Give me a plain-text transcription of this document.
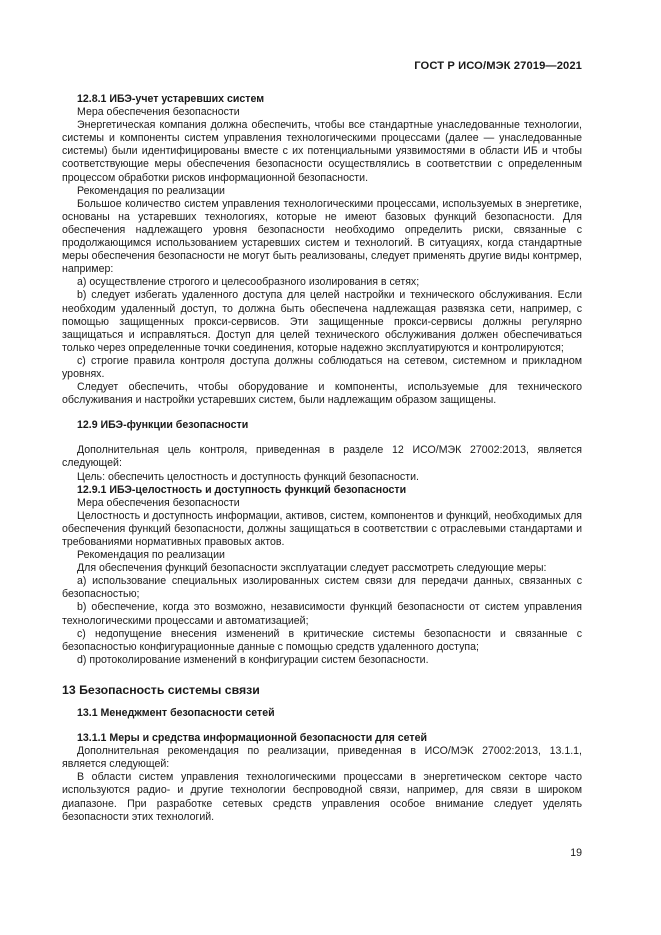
ГОСТ Р ИСО/МЭК 27019—2021

12.8.1 ИБЭ-учет устаревших систем

Мера обеспечения безопасности

Энергетическая компания должна обеспечить, чтобы все стандартные унаследованные технологии, системы и компоненты систем управления технологическими процессами (далее — унаследованные системы) были идентифицированы вместе с их потенциальными уязвимостями в области ИБ и чтобы соответствующие меры обеспечения безопасности осуществлялись в соответствии с определенным процессом обработки рисков информационной безопасности.

Рекомендация по реализации

Большое количество систем управления технологическими процессами, используемых в энергетике, основаны на устаревших технологиях, которые не имеют базовых функций безопасности. Для обеспечения надлежащего уровня безопасности необходимо определить риски, связанные с продолжающимся использованием устаревших систем и технологий. В ситуациях, когда стандартные меры обеспечения безопасности не могут быть реализованы, следует применять другие виды контрмер, например:

a) осуществление строгого и целесообразного изолирования в сетях;

b) следует избегать удаленного доступа для целей настройки и технического обслуживания. Если необходим удаленный доступ, то должна быть обеспечена надлежащая развязка сети, например, с помощью защищенных прокси-сервисов. Эти защищенные прокси-сервисы должны регулярно защищаться и исправляться. Доступ для целей технического обслуживания должен обеспечиваться только через определенные точки соединения, которые надежно эксплуатируются и контролируются;

c) строгие правила контроля доступа должны соблюдаться на сетевом, системном и прикладном уровнях.

Следует обеспечить, чтобы оборудование и компоненты, используемые для технического обслуживания и настройки устаревших систем, были надлежащим образом защищены.

12.9 ИБЭ-функции безопасности

Дополнительная цель контроля, приведенная в разделе 12 ИСО/МЭК 27002:2013, является следующей:

Цель: обеспечить целостность и доступность функций безопасности.

12.9.1 ИБЭ-целостность и доступность функций безопасности

Мера обеспечения безопасности

Целостность и доступность информации, активов, систем, компонентов и функций, необходимых для обеспечения функций безопасности, должны защищаться в соответствии с отраслевыми стандартами и требованиями нормативных правовых актов.

Рекомендация по реализации

Для обеспечения функций безопасности эксплуатации следует рассмотреть следующие меры:

a) использование специальных изолированных систем связи для передачи данных, связанных с безопасностью;

b) обеспечение, когда это возможно, независимости функций безопасности от систем управления технологическими процессами и автоматизацией;

c) недопущение внесения изменений в критические системы безопасности и связанные с безопасностью конфигурационные данные с помощью средств удаленного доступа;

d) протоколирование изменений в конфигурации систем безопасности.

13 Безопасность системы связи

13.1 Менеджмент безопасности сетей

13.1.1 Меры и средства информационной безопасности для сетей

Дополнительная рекомендация по реализации, приведенная в ИСО/МЭК 27002:2013, 13.1.1, является следующей:

В области систем управления технологическими процессами в энергетическом секторе часто используются радио- и другие технологии беспроводной связи, например, для связи в широком диапазоне. При разработке сетевых средств управления особое внимание следует уделять безопасности этих технологий.

19
